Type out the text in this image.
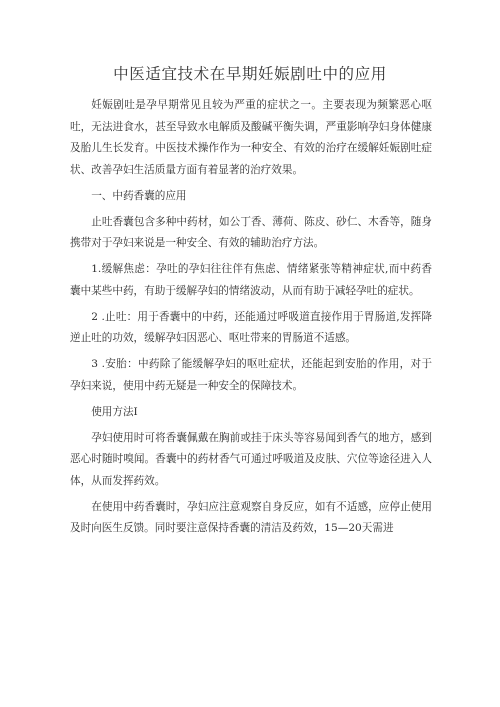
中医适宜技术在早期妊娠剧吐中的应用

妊娠剧吐是孕早期常见且较为严重的症状之一。主要表现为频繁恶心呕吐，无法进食水，甚至导致水电解质及酸碱平衡失调，严重影响孕妇身体健康及胎儿生长发育。中医技术操作作为一种安全、有效的治疗在缓解妊娠剧吐症状、改善孕妇生活质量方面有着显著的治疗效果。

一、中药香囊的应用

止吐香囊包含多种中药材，如公丁香、薄荷、陈皮、砂仁、木香等，随身携带对于孕妇来说是一种安全、有效的辅助治疗方法。

1.缓解焦虑：孕吐的孕妇往往伴有焦虑、情绪紧张等精神症状,而中药香囊中某些中药，有助于缓解孕妇的情绪波动，从而有助于减轻孕吐的症状。

2 .止吐：用于香囊中的中药，还能通过呼吸道直接作用于胃肠道,发挥降逆止吐的功效，缓解孕妇因恶心、呕吐带来的胃肠道不适感。

3 .安胎：中药除了能缓解孕妇的呕吐症状，还能起到安胎的作用，对于孕妇来说，使用中药无疑是一种安全的保障技术。

使用方法I

孕妇使用时可将香囊佩戴在胸前或挂于床头等容易闻到香气的地方，感到恶心时随时嗅闻。香囊中的药材香气可通过呼吸道及皮肤、穴位等途径进入人体，从而发挥药效。

在使用中药香囊时，孕妇应注意观察自身反应，如有不适感，应停止使用及时向医生反馈。同时要注意保持香囊的清洁及药效，15—20天需进
